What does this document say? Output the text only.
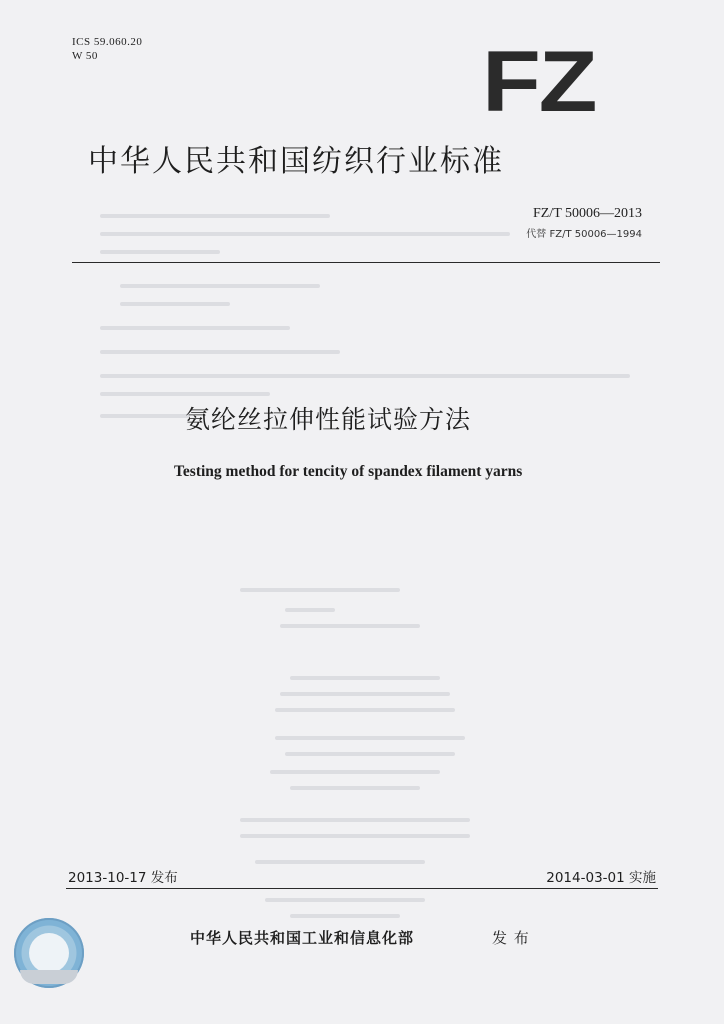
ICS 59.060.20
W 50	FZ
中华人民共和国纺织行业标准
FZ/T 50006—2013
代替 FZ/T 50006—1994
氨纶丝拉伸性能试验方法
Testing method for tencity of spandex filament yarns
2013-10-17 发布	2014-03-01 实施
中华人民共和国工业和信息化部	发 布
